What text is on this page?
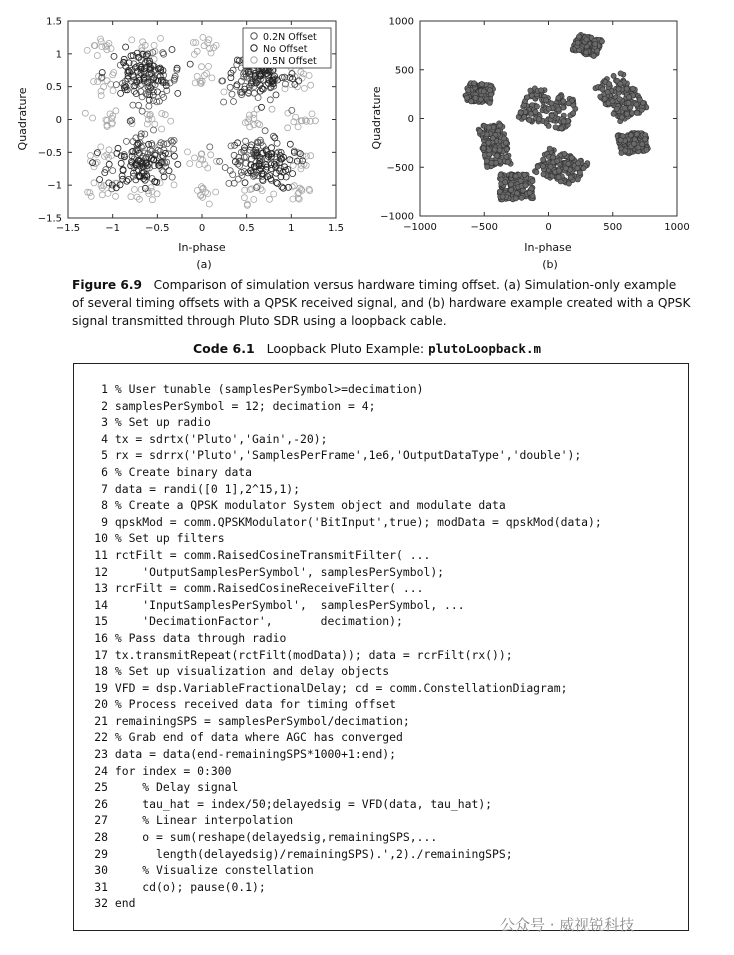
−1.5	−1	−0.5	0	0.5	1	1.5
1.5
1
0.5
0
−0.5
−1
−1.5
0.2N Offset
No Offset
0.5N Offset
In-phase
Quadrature
(a)
−1000	−500	0	500	1000
1000
500
0
−500
−1000
In-phase
Quadrature
(b)
Figure 6.9 Comparison of simulation versus hardware timing offset. (a) Simulation-only example
of several timing offsets with a QPSK received signal, and (b) hardware example created with a QPSK
signal transmitted through Pluto SDR using a loopback cable.
Code 6.1 Loopback Pluto Example: plutoLoopback.m
1 % User tunable (samplesPerSymbol>=decimation)
2 samplesPerSymbol = 12; decimation = 4;
3 % Set up radio
4 tx = sdrtx('Pluto','Gain',-20);
5 rx = sdrrx('Pluto','SamplesPerFrame',1e6,'OutputDataType','double');
6 % Create binary data
7 data = randi([0 1],2^15,1);
8 % Create a QPSK modulator System object and modulate data
9 qpskMod = comm.QPSKModulator('BitInput',true); modData = qpskMod(data);
10 % Set up filters
11 rctFilt = comm.RaisedCosineTransmitFilter( ...
12     'OutputSamplesPerSymbol', samplesPerSymbol);
13 rcrFilt = comm.RaisedCosineReceiveFilter( ...
14     'InputSamplesPerSymbol',  samplesPerSymbol, ...
15     'DecimationFactor',       decimation);
16 % Pass data through radio
17 tx.transmitRepeat(rctFilt(modData)); data = rcrFilt(rx());
18 % Set up visualization and delay objects
19 VFD = dsp.VariableFractionalDelay; cd = comm.ConstellationDiagram;
20 % Process received data for timing offset
21 remainingSPS = samplesPerSymbol/decimation;
22 % Grab end of data where AGC has converged
23 data = data(end-remainingSPS*1000+1:end);
24 for index = 0:300
25     % Delay signal
26     tau_hat = index/50;delayedsig = VFD(data, tau_hat);
27     % Linear interpolation
28     o = sum(reshape(delayedsig,remainingSPS,...
29       length(delayedsig)/remainingSPS).',2)./remainingSPS;
30     % Visualize constellation
31     cd(o); pause(0.1);
32 end
公众号 · 威视锐科技
